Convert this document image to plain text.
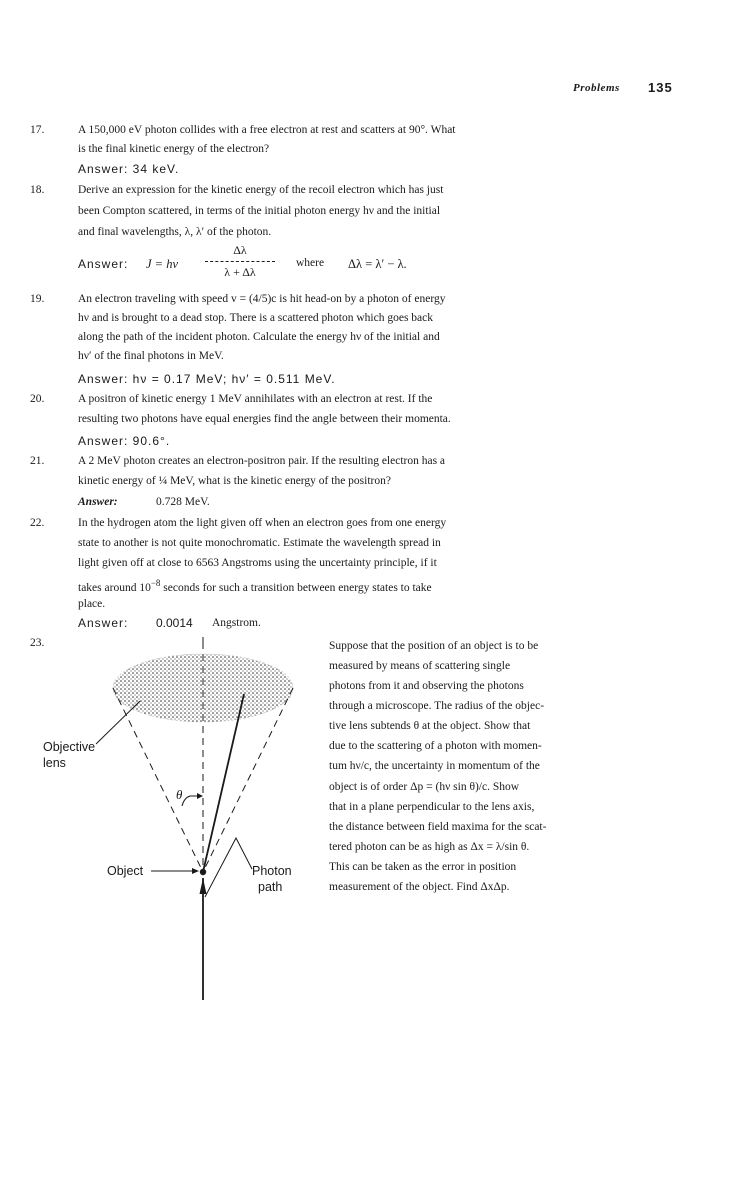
Problems 135
17.	A 150,000 eV photon collides with a free electron at rest and scatters at 90°. What
is the final kinetic energy of the electron?
Answer: 34 keV.
18.	Derive an expression for the kinetic energy of the recoil electron which has just
been Compton scattered, in terms of the initial photon energy hν and the initial
and final wavelengths, λ, λ′ of the photon.
Answer: J = hν
Δλ
λ + Δλ
where Δλ = λ′ − λ.
19.	An electron traveling with speed v = (4/5)c is hit head-on by a photon of energy
hν and is brought to a dead stop. There is a scattered photon which goes back
along the path of the incident photon. Calculate the energy hν of the initial and
hν′ of the final photons in MeV.
Answer: hν = 0.17 MeV; hν′ = 0.511 MeV.
20.	A positron of kinetic energy 1 MeV annihilates with an electron at rest. If the
resulting two photons have equal energies find the angle between their momenta.
Answer: 90.6°.
21.	A 2 MeV photon creates an electron-positron pair. If the resulting electron has a
kinetic energy of ¼ MeV, what is the kinetic energy of the positron?
Answer:	0.728 MeV.
22.	In the hydrogen atom the light given off when an electron goes from one energy
state to another is not quite monochromatic. Estimate the wavelength spread in
light given off at close to 6563 Angstroms using the uncertainty principle, if it
takes around $10^{-8}$ seconds for such a transition between energy states to take
place.
Answer: 0.0014 Angstrom.
23.	Suppose that the position of an object is to be
measured by means of scattering single
photons from it and observing the photons
through a microscope. The radius of the objec-
tive lens subtends θ at the object. Show that
due to the scattering of a photon with momen-
tum hν/c, the uncertainty in momentum of the
object is of order Δp = (hν sin θ)/c. Show
that in a plane perpendicular to the lens axis,
the distance between field maxima for the scat-
tered photon can be as high as Δx = λ/sin θ.
This can be taken as the error in position
measurement of the object. Find ΔxΔp.
Objective
lens
θ
Object	Photon
path
